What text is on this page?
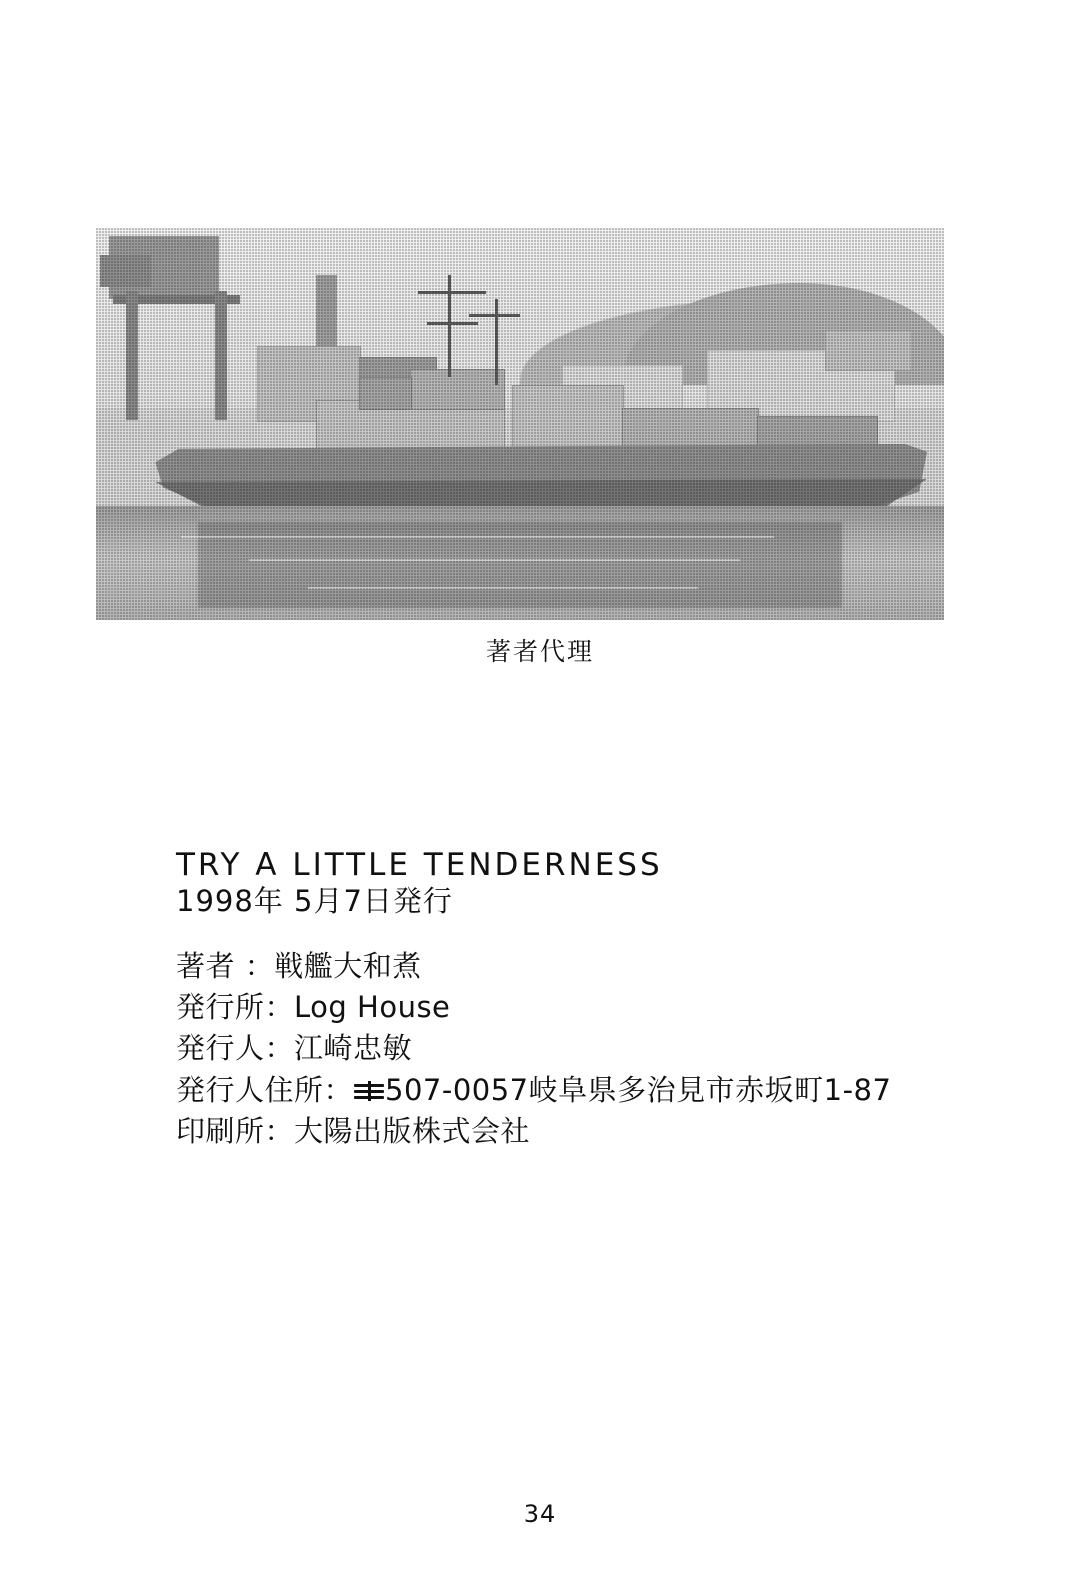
著者代理
TRY A LITTLE TENDERNESS
1998年 5月7日発行
著者 ：戦艦大和煮
発行所：Log House
発行人：江崎忠敏
発行人住所： 507-0057岐阜県多治見市赤坂町1-87
印刷所：大陽出版株式会社
34
